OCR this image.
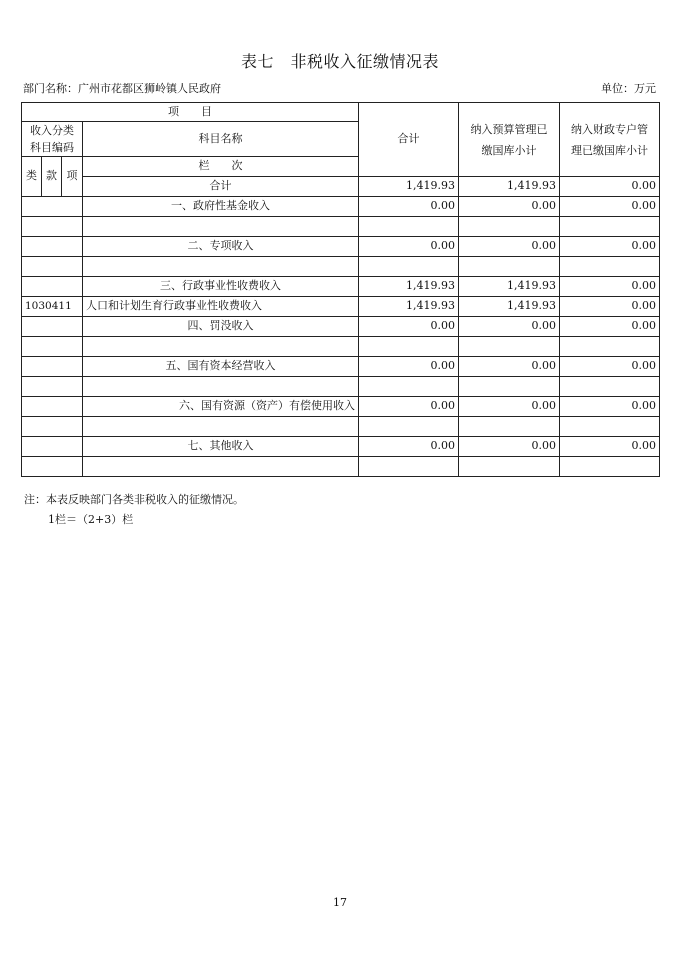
表七　非税收入征缴情况表
部门名称：广州市花都区狮岭镇人民政府	单位：万元
项　　目				合计	纳入预算管理已缴国库小计	纳入财政专户管理已缴国库小计	
收入分类科目编码			科目名称				
类	款	项	栏　　次			
			合计	1,419.93	1,419.93	0.00	
			一、政府性基金收入	0.00	0.00	0.00	

			二、专项收入	0.00	0.00	0.00	

			三、行政事业性收费收入	1,419.93	1,419.93	0.00	
1030411			人口和计划生育行政事业性收费收入	1,419.93	1,419.93	0.00	
			四、罚没收入	0.00	0.00	0.00	

			五、国有资本经营收入	0.00	0.00	0.00	

			六、国有资源（资产）有偿使用收入	0.00	0.00	0.00	

			七、其他收入	0.00	0.00	0.00	

注：本表反映部门各类非税收入的征缴情况。
1栏＝（2+3）栏
17
